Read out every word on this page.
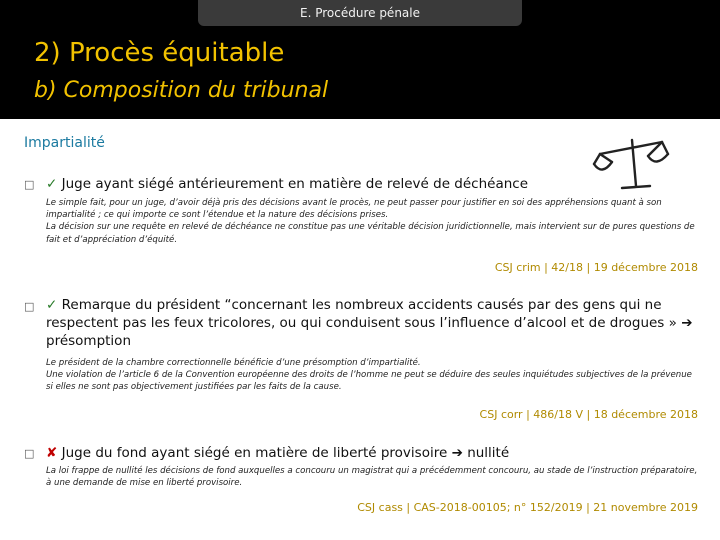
E. Procédure pénale
2) Procès équitable
b) Composition du tribunal
Impartialité
□ ✓ Juge ayant siégé antérieurement en matière de relevé de déchéance

Le simple fait, pour un juge, d’avoir déjà pris des décisions avant le procès, ne peut passer pour justifier en soi des appréhensions quant à son impartialité ; ce qui importe ce sont l’étendue et la nature des décisions prises.

La décision sur une requête en relevé de déchéance ne constitue pas une véritable décision juridictionnelle, mais intervient sur de pures questions de fait et d’appréciation d’équité.

CSJ crim | 42/18 | 19 décembre 2018
□ ✓ Remarque du président “concernant les nombreux accidents causés par des gens qui ne respectent pas les feux tricolores, ou qui conduisent sous l’influence d’alcool et de drogues » ➔ présomption

Le président de la chambre correctionnelle bénéficie d’une présomption d’impartialité.

Une violation de l’article 6 de la Convention européenne des droits de l’homme ne peut se déduire des seules inquiétudes subjectives de la prévenue si elles ne sont pas objectivement justifiées par les faits de la cause.

CSJ corr | 486/18 V | 18 décembre 2018
□ ✘ Juge du fond ayant siégé en matière de liberté provisoire ➔ nullité

La loi frappe de nullité les décisions de fond auxquelles a concouru un magistrat qui a précédemment concouru, au stade de l’instruction préparatoire, à une demande de mise en liberté provisoire.

CSJ cass | CAS-2018-00105; n° 152/2019 | 21 novembre 2019
